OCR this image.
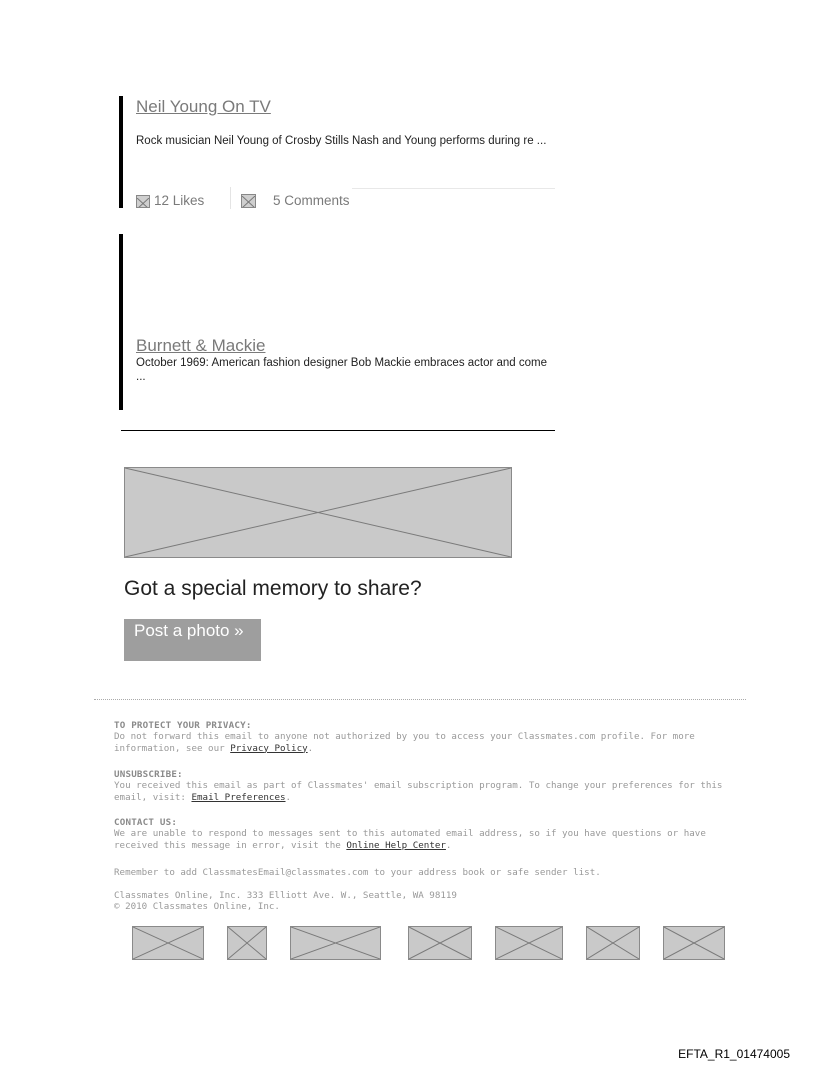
Neil Young On TV
Rock musician Neil Young of Crosby Stills Nash and Young performs during re ...
12 Likes	5 Comments
Burnett & Mackie
October 1969: American fashion designer Bob Mackie embraces actor and come ...
Got a special memory to share?
Post a photo »
TO PROTECT YOUR PRIVACY:
Do not forward this email to anyone not authorized by you to access your Classmates.com profile. For more information, see our Privacy Policy.
UNSUBSCRIBE:
You received this email as part of Classmates' email subscription program. To change your preferences for this email, visit: Email Preferences.
CONTACT US:
We are unable to respond to messages sent to this automated email address, so if you have questions or have received this message in error, visit the Online Help Center.
Remember to add ClassmatesEmail@classmates.com to your address book or safe sender list.
Classmates Online, Inc. 333 Elliott Ave. W., Seattle, WA 98119
© 2010 Classmates Online, Inc.
EFTA_R1_01474005
